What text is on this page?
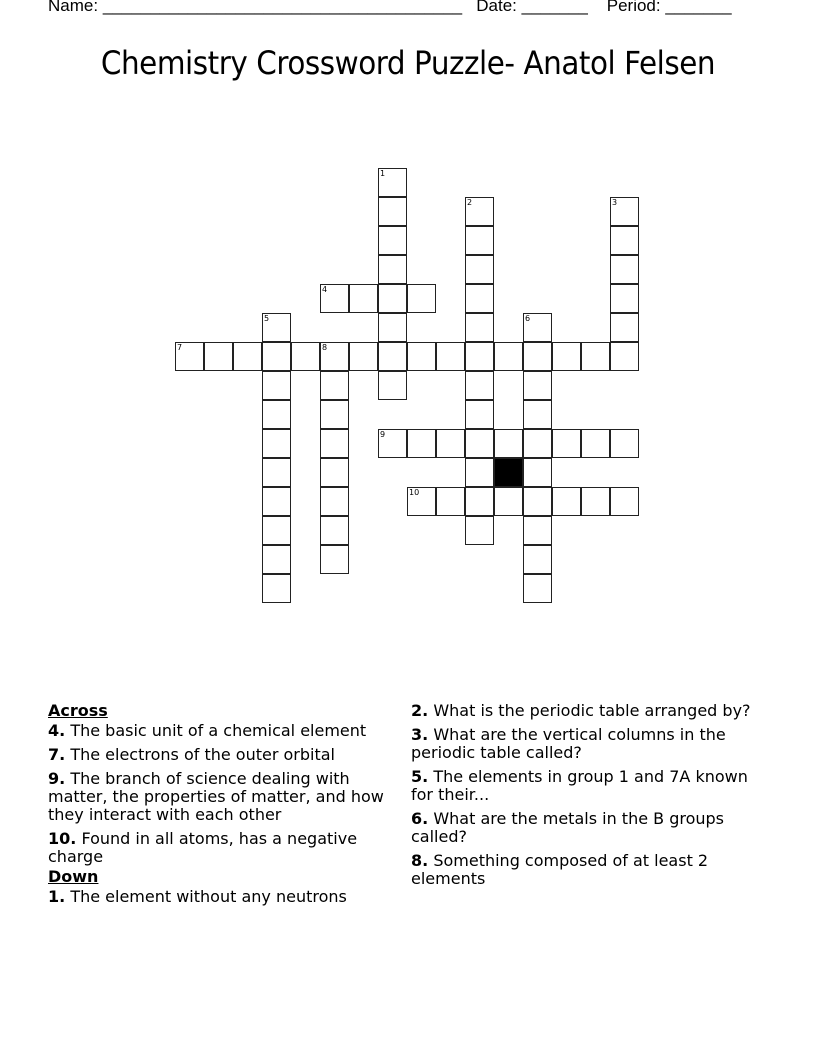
Name: ______________________________________ Date: _______ Period: _______
Chemistry Crossword Puzzle- Anatol Felsen
1
2	3
4
5	6
7	8
9
10
Across
4. The basic unit of a chemical element
7. The electrons of the outer orbital
9. The branch of science dealing with matter, the properties of matter, and how they interact with each other
10. Found in all atoms, has a negative charge
Down
1. The element without any neutrons
2. What is the periodic table arranged by?
3. What are the vertical columns in the periodic table called?
5. The elements in group 1 and 7A known for their...
6. What are the metals in the B groups called?
8. Something composed of at least 2 elements
